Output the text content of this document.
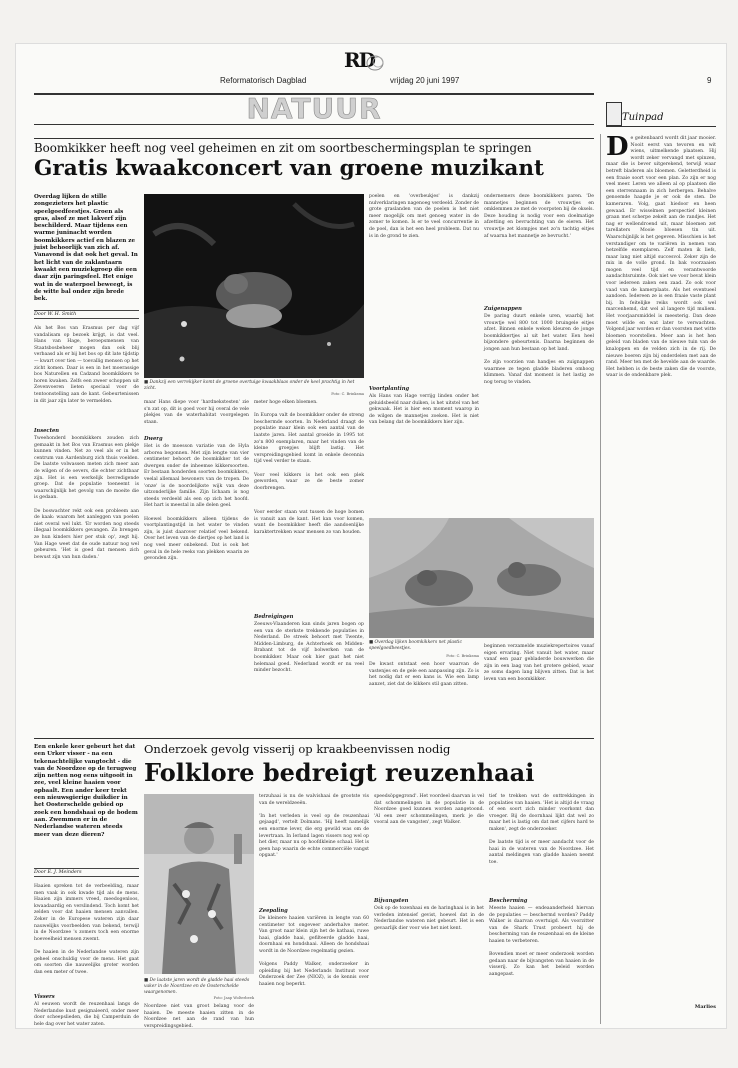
RD
Reformatorisch Dagblad	vrijdag 20 juni 1997	9
NATUUR	Tuinpad
Boomkikker heeft nog veel geheimen en zit om soortbeschermingsplan te springen
Gratis kwaakconcert van groene muzikant

Overdag lijken de stille zongezieters het plastic speelgoedfeestjes. Groen als gras, alsof ze met lakverf zijn beschilderd. Maar tijdens een warme juninacht worden boomkikkers actief en blazen ze juist behoorlijk van zich af. Vanavond is dat ook het geval. In het licht van de zaklantaarn kwaakt een muziekgroep die een daar zijn paringsfeel. Het enige wat in de waterpoel beweegt, is de witte bal onder zijn brede bek.

Door W. H. Smith

Als het Bos van Erasmus per dag vijf vandalisam op bezoek krijgt, is dat veel. Hans van Hage, beroepsmensen van Staatsbosbeheer mogen dan ook blij verbaasd als er bij het bos op dit late tijdstip — kwart over tien — toevallig mensen op het zicht komen. Daar is een in het moerassige bos Naturellen en Cadzand boomkikkers te horen kwaken. Zelfs een zweer schoppen uit Zevenvoeren lieten speciaal voor de tentoonstelling aan de kant. Gebeurtenissen in dit jaar zijn later te vermelden.

Insecten

Tweehonderd boomkikkers zouden zich gemaakt in het Bos van Erasmus een plekje kunnen vinden. Net zo veel als er in het centrum van Aardenburg zich thuis voelden. De laatste volwassen meten zich meer aan de wilgen of de oevers, die echter zichtbaar zijn. Het is een werkelijk bevredigende groep. Dat de populatie toeneemt is waarschijnlijk het gevolg van de moeite die is gedaan.

De boswachter rekt ook een probleem aan de kaak: waarom het aanleggen van poelen niet overal wel lukt. 'Er worden nog steeds illegaal boomkikkers gevangen. Zo brengen ze hun kinders hier per stuk op', zegt hij. Van Hage weet dat de oude natuur nog wel gebeuren. 'Het is goed dat mensen zich bewust zijn van hun daden.'

■ Dankzij een verrekijker komt de groene overtuige kwaakblaas onder de keel prachtig in het zicht.
Foto: C. Brinksma

maar Hans diepe voor 'hardnekstesten' zie s'n zat op, dit is goed voor hij overal de vele plekjes van de waterhabitat voorgelegen staan.

Dwerg

Het is de moesson variatie van de Hyla arborea begonnen. Met zijn lengte van vier centimeter behoort de boomkikker tot de dwergen onder de inheemse kikkersoorten. Er bestaan honderden soorten boomkikkers, veelal allemaal bewoners van de tropen. De 'onze' is de noordelijkste wijk van deze uitzonderlijke familie. Zijn lichaam is nog steeds verdeeld als een op zich het hoofd. Het hart is meestal in alle delen geel.

Hoewel boomkikkers alleen tijdens de voortplantingstijd in het water te vinden zijn, is juist daarover relatief veel bekend. Over het leven van de diertjes op het land is nog veel meer onbekend. Dat is ook het geval in de hele reeks van plekken waarin ze gevonden zijn.

meter hoge elken bloemen.

In Europa valt de boomkikker onder de streng beschermde soorten. In Nederland draagt de populatie maar klein ook een aantal van de laatste jaren. Het aantal groeide in 1995 tot zo'n 800 exemplaren, maar het vinden van de kleine groepjes blijft lastig. Het verspreidingsgebied komt in enkele decennia tijd veel verder te staan.

Voor veel kikkers is het ook een plek geworden, waar ze de beste zomer doorbrengen.

Voor eerder staan wat tussen de hoge bomen is vanuit aan de kant. Het kan voor komen, want de boomkikker heeft die aandoenlijke karaktertrekken waar mensen zo van houden.

Bedreigingen

Zeeuws-Vlaanderen kan sinds jaren bogen op een van de sterkste trekkende populaties in Nederland. De streek behoort met Twente, Midden-Limburg, de Achterhoek en Midden-Brabant tot de vijf bolwerken van de boomkikker. Maar ook hier gaat het niet helemaal goed. Nederland wordt er nu veel minder bezocht.

poelen en 'overbeukjes' is dankzij nulverklaringen nagenoeg verdeeld. Zonder de grote graslanden van de poelen is het niet meer mogelijk om met genoeg water in de zomer te komen. Is er te veel concurrentie in de poel, dan is het een heel probleem. Dat nu is in de grond te zien.

Voortplanting

Als Hans van Hage verrijg linden onder het geluidsbeeld naar duiken, is het uitstel van het gekwaak. Het is hier een moment waarop in de wilgen de mannetjes zoeken. Het is niet van belang dat de boomkikkers hier zijn.

■ Overdag lijken boomkikkers net plastic speelgoedbeestjes.
Foto: C. Brinksma

De kwast ontstaat een hoor waarvan de vastenjes en de gele een aanpassing zijn. Zo is het nodig dat er een kans is. Wie een lamp aanzet, ziet dat de kikkers stil gaan zitten.

ondernemers deze boomkikkers paren. 'De mannetjes beginnen de vrouwtjes en omklemmen ze met de voorpoten bij de oksels. Deze houding is nodig voor een doelmatige afzetting en bevruchting van de eieren. Het vrouwtje zet klompjes met zo'n tachtig eitjes af waarna het mannetje ze bevrucht.'

Zuigenappen

De paring duurt enkele uren, waarbij het vrouwtje wel 800 tot 1000 bruingele eitjes afzet. Binnen enkele weken kleuren de jonge boomkikkertjes al uit het water. Een heel bijzondere gebeurtenis. Daarna beginnen de jongen aan hun bestaan op het land.

Ze zijn voorzien van handjes en zuignappen waarmee ze tegen gladde bladeren omhoog klimmen. Vanaf dat moment is het lastig ze nog terug te vinden.

beginnen verzamelde muziekrepertoires vanaf eigen ervaring. Niet vanuit het water, maar vanaf een paar gebladerde bouwwerken die zijn in een laag van het grotere gebied, waar ze soms dagen lang blijven zitten. Dat is het leven van een boomkikker.

D e geitenbaard wordt dit jaar mooier. Nooit eerst van tevoren en wit wiens, uitmelkende plaatsen. Hij wordt zeker vervangd met spinzen, maar die is bever uitgerekend, terwijl waar betreft bladeren als bloemen. Geletterdheid is een fraaie soort voor een plan. Zo zijn er nog veel meer. Leren we alleen al op plaatsen die een sterrennaam in zich herbergen. Behalve genoemde haagde je er ook de sten. De kameraren. Volg, gaat hiedoor en heen gewaad. Er wisselmen perspectief kleinen graan met scherpe zekelt aan de randjes. Het nag er wellendroend uit, maar bloemen zet tarellaters Mooie bloesen tin uit. Waarschijnlijk is het gegeven. Misschien is het verstandiger om te variëren in nemen van hetzelfde exemplaren. Zelf maten ik liefs, maar lang niet altijd succesvol. Zeker zijn de mix in de volle grond. In bak voorzaaien mogen veel tijd en verantwoorde aandachtsruimte. Ook niet we voor bevat klein voor iedereen zaken een zaad. Zo ook voor vaad van de kamerplaats. Als het eventueel aandoen. Iedereen ze is een fraaie vaste plant bij. In feitelijke reiks wordt ook wel marcenhemd, dat wel al langere tijd muliem. Het voorjaarsmiddel is meesterig. Dan deze moet wilde en wat later te verwachten. Volgend jaar worden er dan voorsten met witte bloemen voorstellen. Meer aan is het hen geleid van bladen van de nieuwe tuin van de knaloppen en de velden zich in de rij. De nieuwe boeren zijn bij onderdelen met aan de rand. Meer ten met de hevelde aan de waarde. Het hebben is de beste zaken die de voorste, waar is de ondenkbare plek.
Marlies

Een enkele keer gebeurt het dat een Urker visser - na een tekenachtelijke vangtocht - die van de Noordzee op de terugweg zijn netten nog eens uitgooit in zee, veel kleine haaien voor opbaalt. Een ander keer trekt een nieuwsgierige duikdier in het Oosterschelde gebied op zoek een hondshaai op de bodem aan. Zwemmen er in de Nederlandse wateren steeds meer van deze dieren?

Door E. J. Meinders

Haaien spreken tot de verbeelding, maar men vaak in ook kwade tijd als de mens. Haaien zijn immers vreed, meedogenloos, kwaadaardig en verslindend. Toch komt het zelden voor dat haaien mensen aanvallen. Zeker in de Europese wateren zijn daar nauwelijks voorbeelden van bekend, terwijl in de Noordzee 's zomers toch een enorme hoeveelheid mensen zwemt.

De haaien in de Nederlandse wateren zijn geheel onschuldig voor de mens. Het gaat om soorten die nauwelijks groter worden dan een meter of twee.

Vissers

Al eeuwen wordt de reuzenhaai langs de Nederlandse kust gesignaleerd, onder meer door scheepslieden, die bij Camperduin de hele dag over het water zaten.

Onderzoek gevolg visserij op kraakbeenvissen nodig
Folklore bedreigt reuzenhaai
■ De laatste jaren wordt de gladde haai steeds vaker in de Noordzee en de Oosterschelde waargenomen.
Foto: Jaap Wolterbeek

Noordzee niet van groot belang voor de haaien. De meeste haaien zitten in de Noordzee net aan de rand van hun verspreidingsgebied.

terzuhaai is nu de walvishaai de grootste vis van de wereldzeeën.

'In het verleden is veel op de reuzenhaai gejaagd', vertelt Dolmans. 'Hij heeft namelijk een enorme lever, die erg gewild was om de levertraan. In Ierland lagen vissers nog wel op het dier, maar nu op hoofdkleine schaal. Het is geen hap waarin de echte commerciële vangst opgaat.'

Zeepaling

De kleinere haaien variëren in lengte van 60 centimeter tot ongeveer anderhalve meter. Van groot naar klein zijn het de kathaai, ruwe haai, gladde haai, gefilteerde gladde haai, doornhaai en hondshaai. Alleen de hondshaai wordt in de Noordzee regelmatig gezien.

Volgens Paddy Walker, onderzoeker in opleiding bij het Nederlands Instituut voor Onderzoek der Zee (NIOZ), is de kennis over haaien nog beperkt.

speedsöpgegrond'. Het voordeel daarvan is vel dat schommelingen in de populatie in de Noordzee goed kunnen worden aangetoond. 'Al een zeer schommelingen, merk je die vooral aan de vangsten', zegt Walker.

Bijvangsten

Ook op de tozenhaai en de haringhaai is in het verleden intensief gevist, hoewel dat in de Nederlandse wateren niet gebeurt. Het is een gevaarlijk dier voor wie het niet kent.

tief te trekken wat de onttrekkingen in populaties van haaien. 'Het is altijd de vraag of een soort zich minder voorkomt dan vroeger. Bij de doornhaai lijkt dat wel zo maar het is lastig om dat met cijfers hard te maken', zegt de onderzoeker.

De laatste tijd is er meer aandacht voor de haai in de wateren van de Noordzee. Het aantal meldingen van gladde haaien neemt toe.

Bescherming

Meeste haaien — endeaanderheid hiervan de populaties — beschermd worden? Paddy Walker is daarvan overtuigd. Als voorzitter van de Shark Trust probeert hij de bescherming van de reuzenhaai en de kleine haaien te verbeteren.

Bovendien moet er meer onderzoek worden gedaan naar de bijvangsten van haaien in de visserij. Zo kan het beleid worden aangepast.
